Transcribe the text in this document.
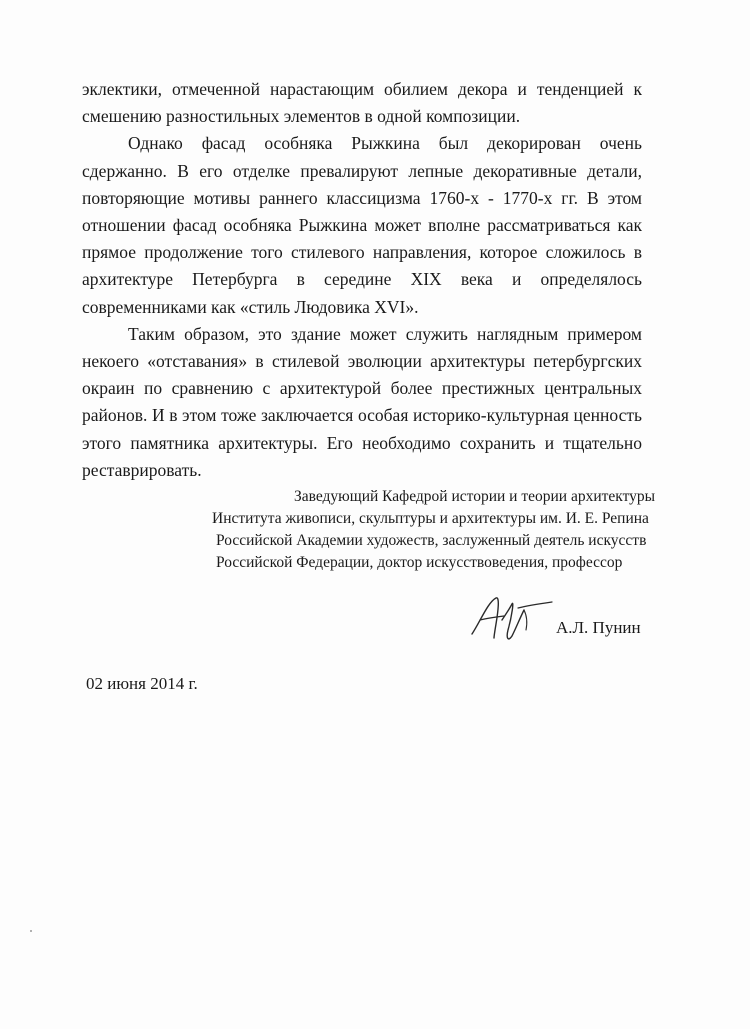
эклектики, отмеченной нарастающим обилием декора и тенденцией к смешению разностильных элементов в одной композиции.

Однако фасад особняка Рыжкина был декорирован очень сдержанно. В его отделке превалируют лепные декоративные детали, повторяющие мотивы раннего классицизма 1760-х - 1770-х гг. В этом отношении фасад особняка Рыжкина может вполне рассматриваться как прямое продолжение того стилевого направления, которое сложилось в архитектуре Петербурга в середине XIX века и определялось современниками как «стиль Людовика XVI».

Таким образом, это здание может служить наглядным примером некоего «отставания» в стилевой эволюции архитектуры петербургских окраин по сравнению с архитектурой более престижных центральных районов. И в этом тоже заключается особая историко-культурная ценность этого памятника архитектуры. Его необходимо сохранить и тщательно реставрировать.

Заведующий Кафедрой истории и теории архитектуры
Института живописи, скульптуры и архитектуры им. И. Е. Репина
Российской Академии художеств, заслуженный деятель искусств
Российской Федерации, доктор искусствоведения, профессор
А.Л. Пунин
02 июня 2014 г.
